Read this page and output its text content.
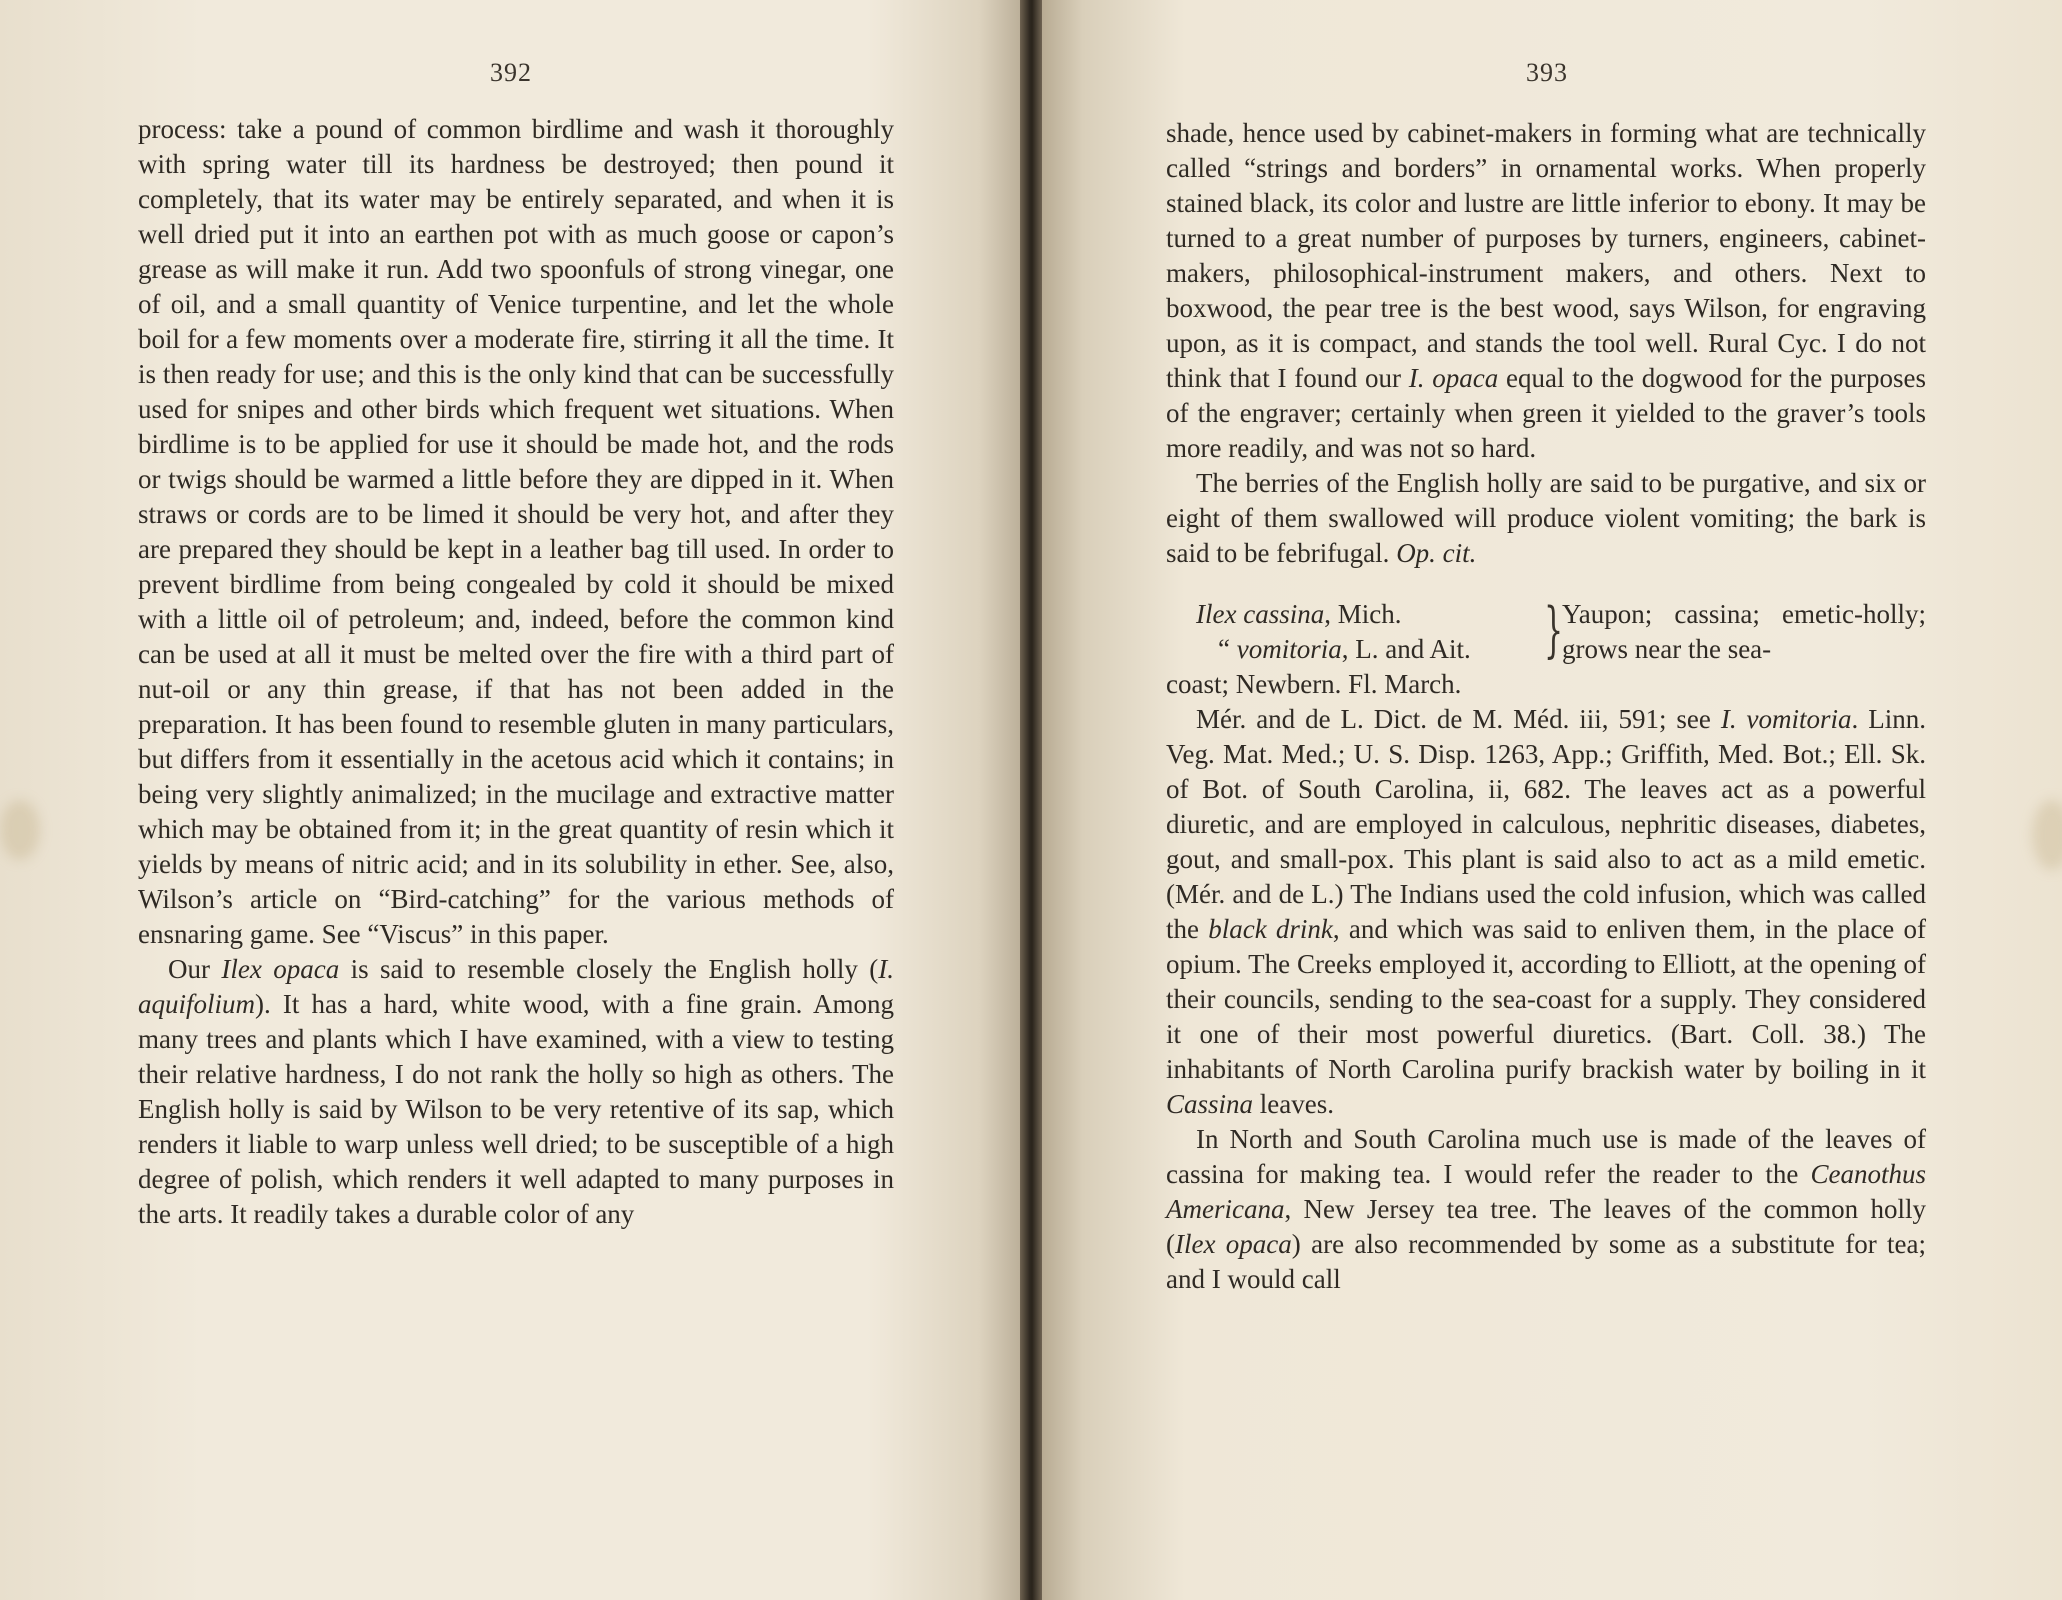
392

process: take a pound of common birdlime and wash it thoroughly with spring water till its hardness be destroyed; then pound it completely, that its water may be entirely separated, and when it is well dried put it into an earthen pot with as much goose or capon’s grease as will make it run. Add two spoonfuls of strong vinegar, one of oil, and a small quantity of Venice turpentine, and let the whole boil for a few moments over a moderate fire, stirring it all the time. It is then ready for use; and this is the only kind that can be successfully used for snipes and other birds which frequent wet situations. When birdlime is to be applied for use it should be made hot, and the rods or twigs should be warmed a little before they are dipped in it. When straws or cords are to be limed it should be very hot, and after they are prepared they should be kept in a leather bag till used. In order to prevent birdlime from being congealed by cold it should be mixed with a little oil of petroleum; and, indeed, before the common kind can be used at all it must be melted over the fire with a third part of nut-oil or any thin grease, if that has not been added in the preparation. It has been found to resemble gluten in many particulars, but differs from it essentially in the acetous acid which it contains; in being very slightly animalized; in the mucilage and extractive matter which may be obtained from it; in the great quantity of resin which it yields by means of nitric acid; and in its solubility in ether. See, also, Wilson’s article on “Bird-catching” for the various methods of ensnaring game. See “Viscus” in this paper.

Our Ilex opaca is said to resemble closely the English holly (I. aquifolium). It has a hard, white wood, with a fine grain. Among many trees and plants which I have examined, with a view to testing their relative hardness, I do not rank the holly so high as others. The English holly is said by Wilson to be very retentive of its sap, which renders it liable to warp unless well dried; to be susceptible of a high degree of polish, which renders it well adapted to many purposes in the arts. It readily takes a durable color of any

393

shade, hence used by cabinet-makers in forming what are technically called “strings and borders” in ornamental works. When properly stained black, its color and lustre are little inferior to ebony. It may be turned to a great number of purposes by turners, engineers, cabinet-makers, philosophical-instrument makers, and others. Next to boxwood, the pear tree is the best wood, says Wilson, for engraving upon, as it is compact, and stands the tool well. Rural Cyc. I do not think that I found our I. opaca equal to the dogwood for the purposes of the engraver; certainly when green it yielded to the graver’s tools more readily, and was not so hard.

The berries of the English holly are said to be purgative, and six or eight of them swallowed will produce violent vomiting; the bark is said to be febrifugal. Op. cit.

Ilex cassina, Mich.
“ vomitoria, L. and Ait.	}
Yaupon; cassina; emetic-holly; grows near the sea-

coast; Newbern. Fl. March.

Mér. and de L. Dict. de M. Méd. iii, 591; see I. vomitoria. Linn. Veg. Mat. Med.; U. S. Disp. 1263, App.; Griffith, Med. Bot.; Ell. Sk. of Bot. of South Carolina, ii, 682. The leaves act as a powerful diuretic, and are employed in calculous, nephritic diseases, diabetes, gout, and small-pox. This plant is said also to act as a mild emetic. (Mér. and de L.) The Indians used the cold infusion, which was called the black drink, and which was said to enliven them, in the place of opium. The Creeks employed it, according to Elliott, at the opening of their councils, sending to the sea-coast for a supply. They considered it one of their most powerful diuretics. (Bart. Coll. 38.) The inhabitants of North Carolina purify brackish water by boiling in it Cassina leaves.

In North and South Carolina much use is made of the leaves of cassina for making tea. I would refer the reader to the Ceanothus Americana, New Jersey tea tree. The leaves of the common holly (Ilex opaca) are also recommended by some as a substitute for tea; and I would call
